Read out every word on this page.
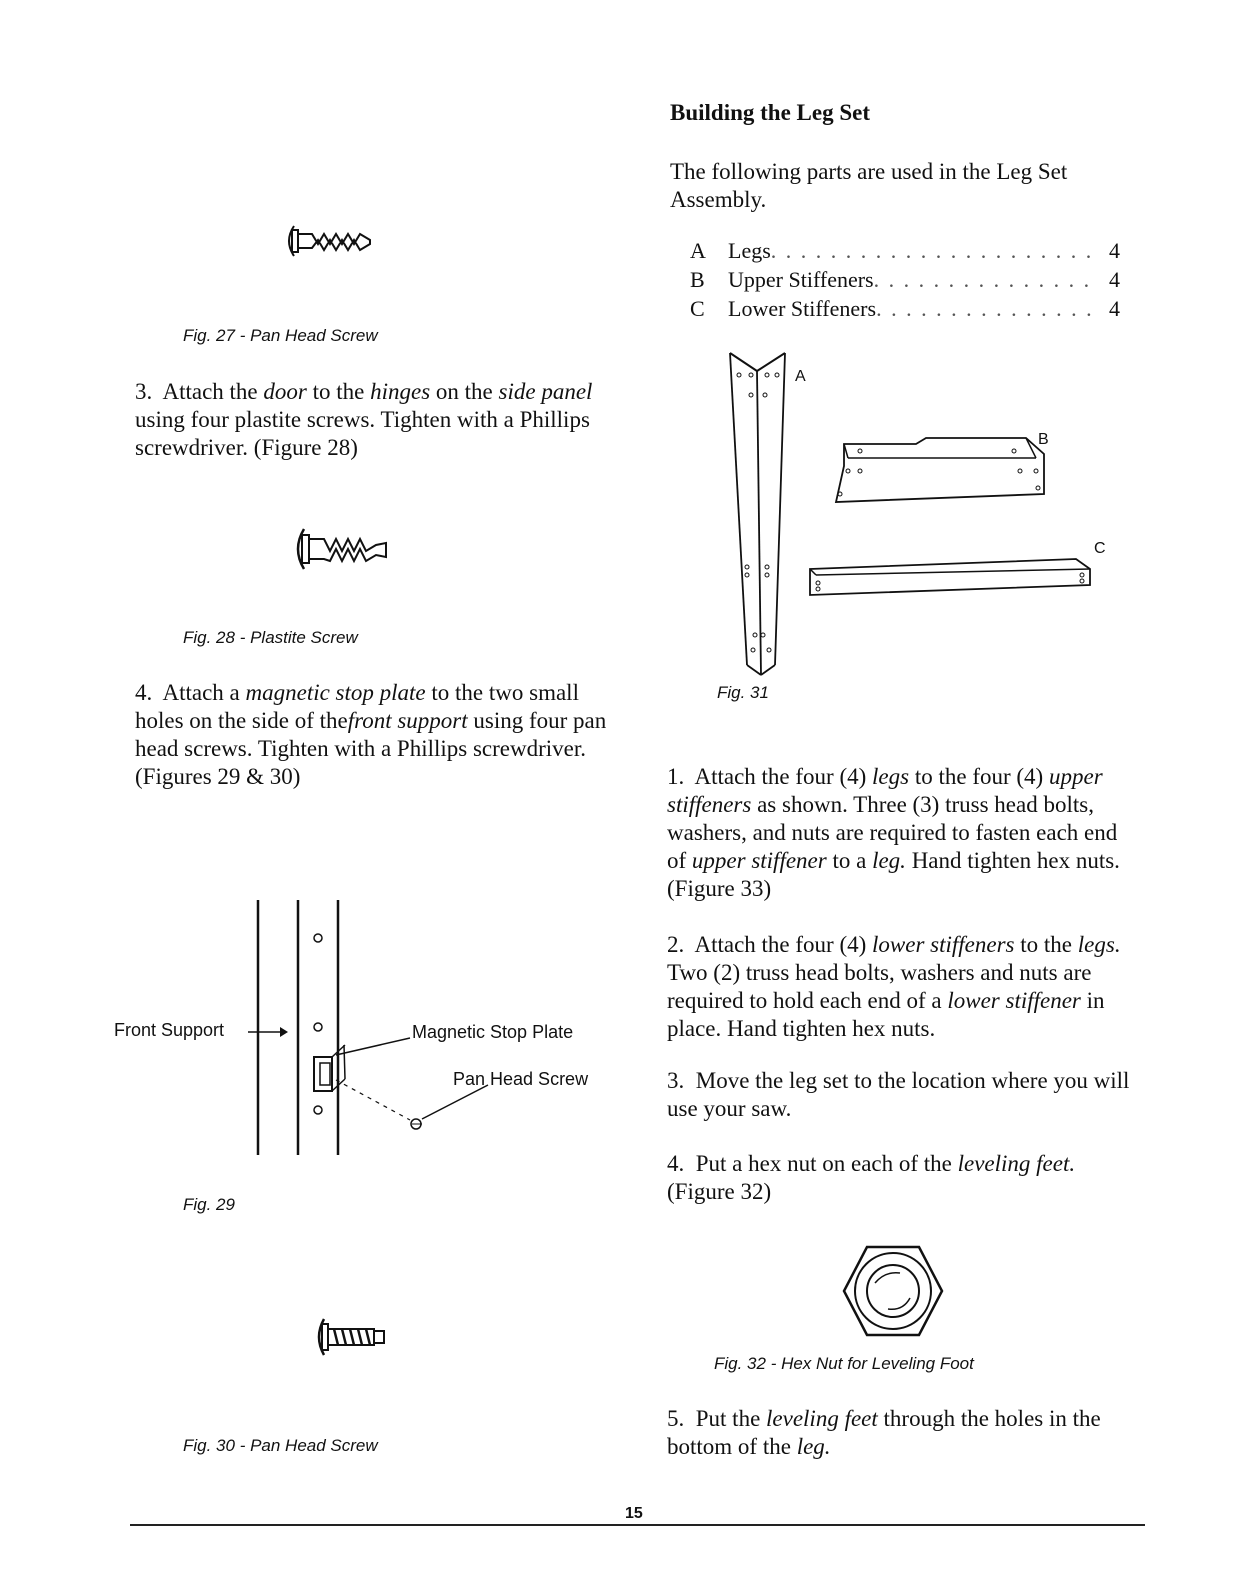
Fig. 27 - Pan Head Screw
3. Attach the door to the hinges on the side panel using four plastite screws. Tighten with a Phillips screwdriver. (Figure 28)
Fig. 28 - Plastite Screw
4. Attach a magnetic stop plate to the two small holes on the side of thefront support using four pan head screws. Tighten with a Phillips screwdriver. (Figures 29 & 30)
Front Support	Magnetic Stop Plate
Pan Head Screw
Fig. 29
Fig. 30 - Pan Head Screw
Building the Leg Set
The following parts are used in the Leg Set Assembly.
A	Legs . . .	4
B	Upper Stiffeners . . .	4
C	Lower Stiffeners . . .	4
A
B
C
Fig. 31
1. Attach the four (4) legs to the four (4) upper stiffeners as shown. Three (3) truss head bolts, washers, and nuts are required to fasten each end of upper stiffener to a leg. Hand tighten hex nuts. (Figure 33)
2. Attach the four (4) lower stiffeners to the legs. Two (2) truss head bolts, washers and nuts are required to hold each end of a lower stiffener in place. Hand tighten hex nuts.
3. Move the leg set to the location where you will use your saw.
4. Put a hex nut on each of the leveling feet. (Figure 32)
Fig. 32 - Hex Nut for Leveling Foot
5. Put the leveling feet through the holes in the bottom of the leg.
15
